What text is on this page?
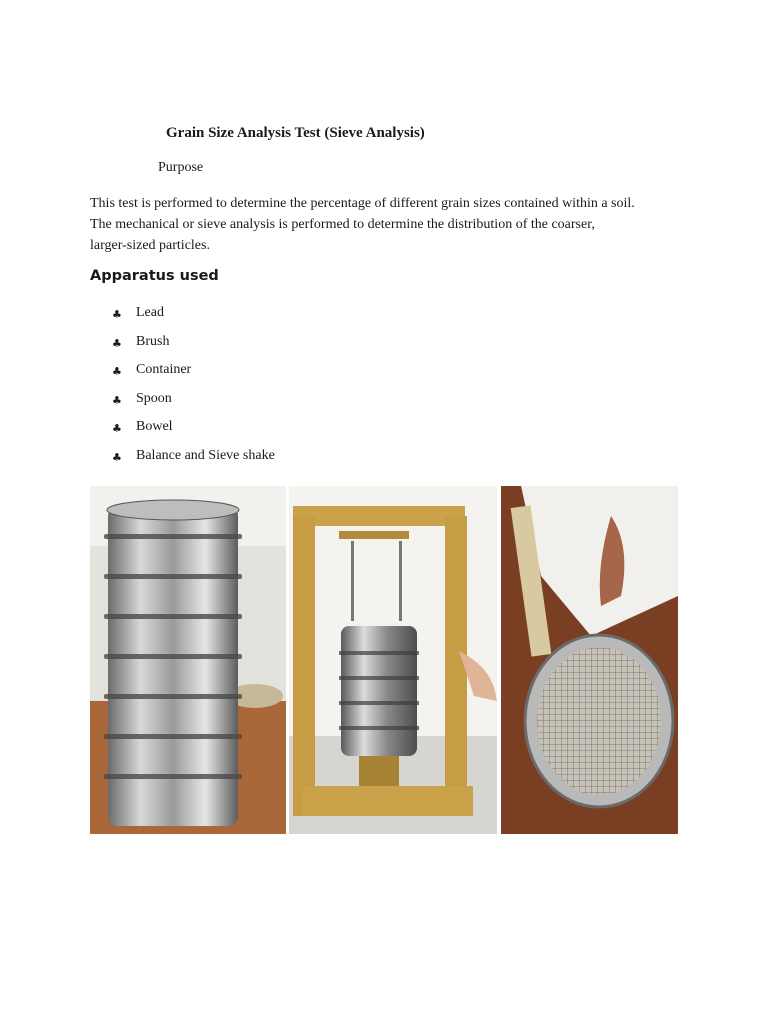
Grain Size Analysis Test (Sieve Analysis)

Purpose

This test is performed to determine the percentage of different grain sizes contained within a soil.
The mechanical or sieve analysis is performed to determine the distribution of the coarser,
larger-sized particles.

Apparatus used
♣	Lead
♣	Brush
♣	Container
♣	Spoon
♣	Bowel
♣	Balance and Sieve shake
